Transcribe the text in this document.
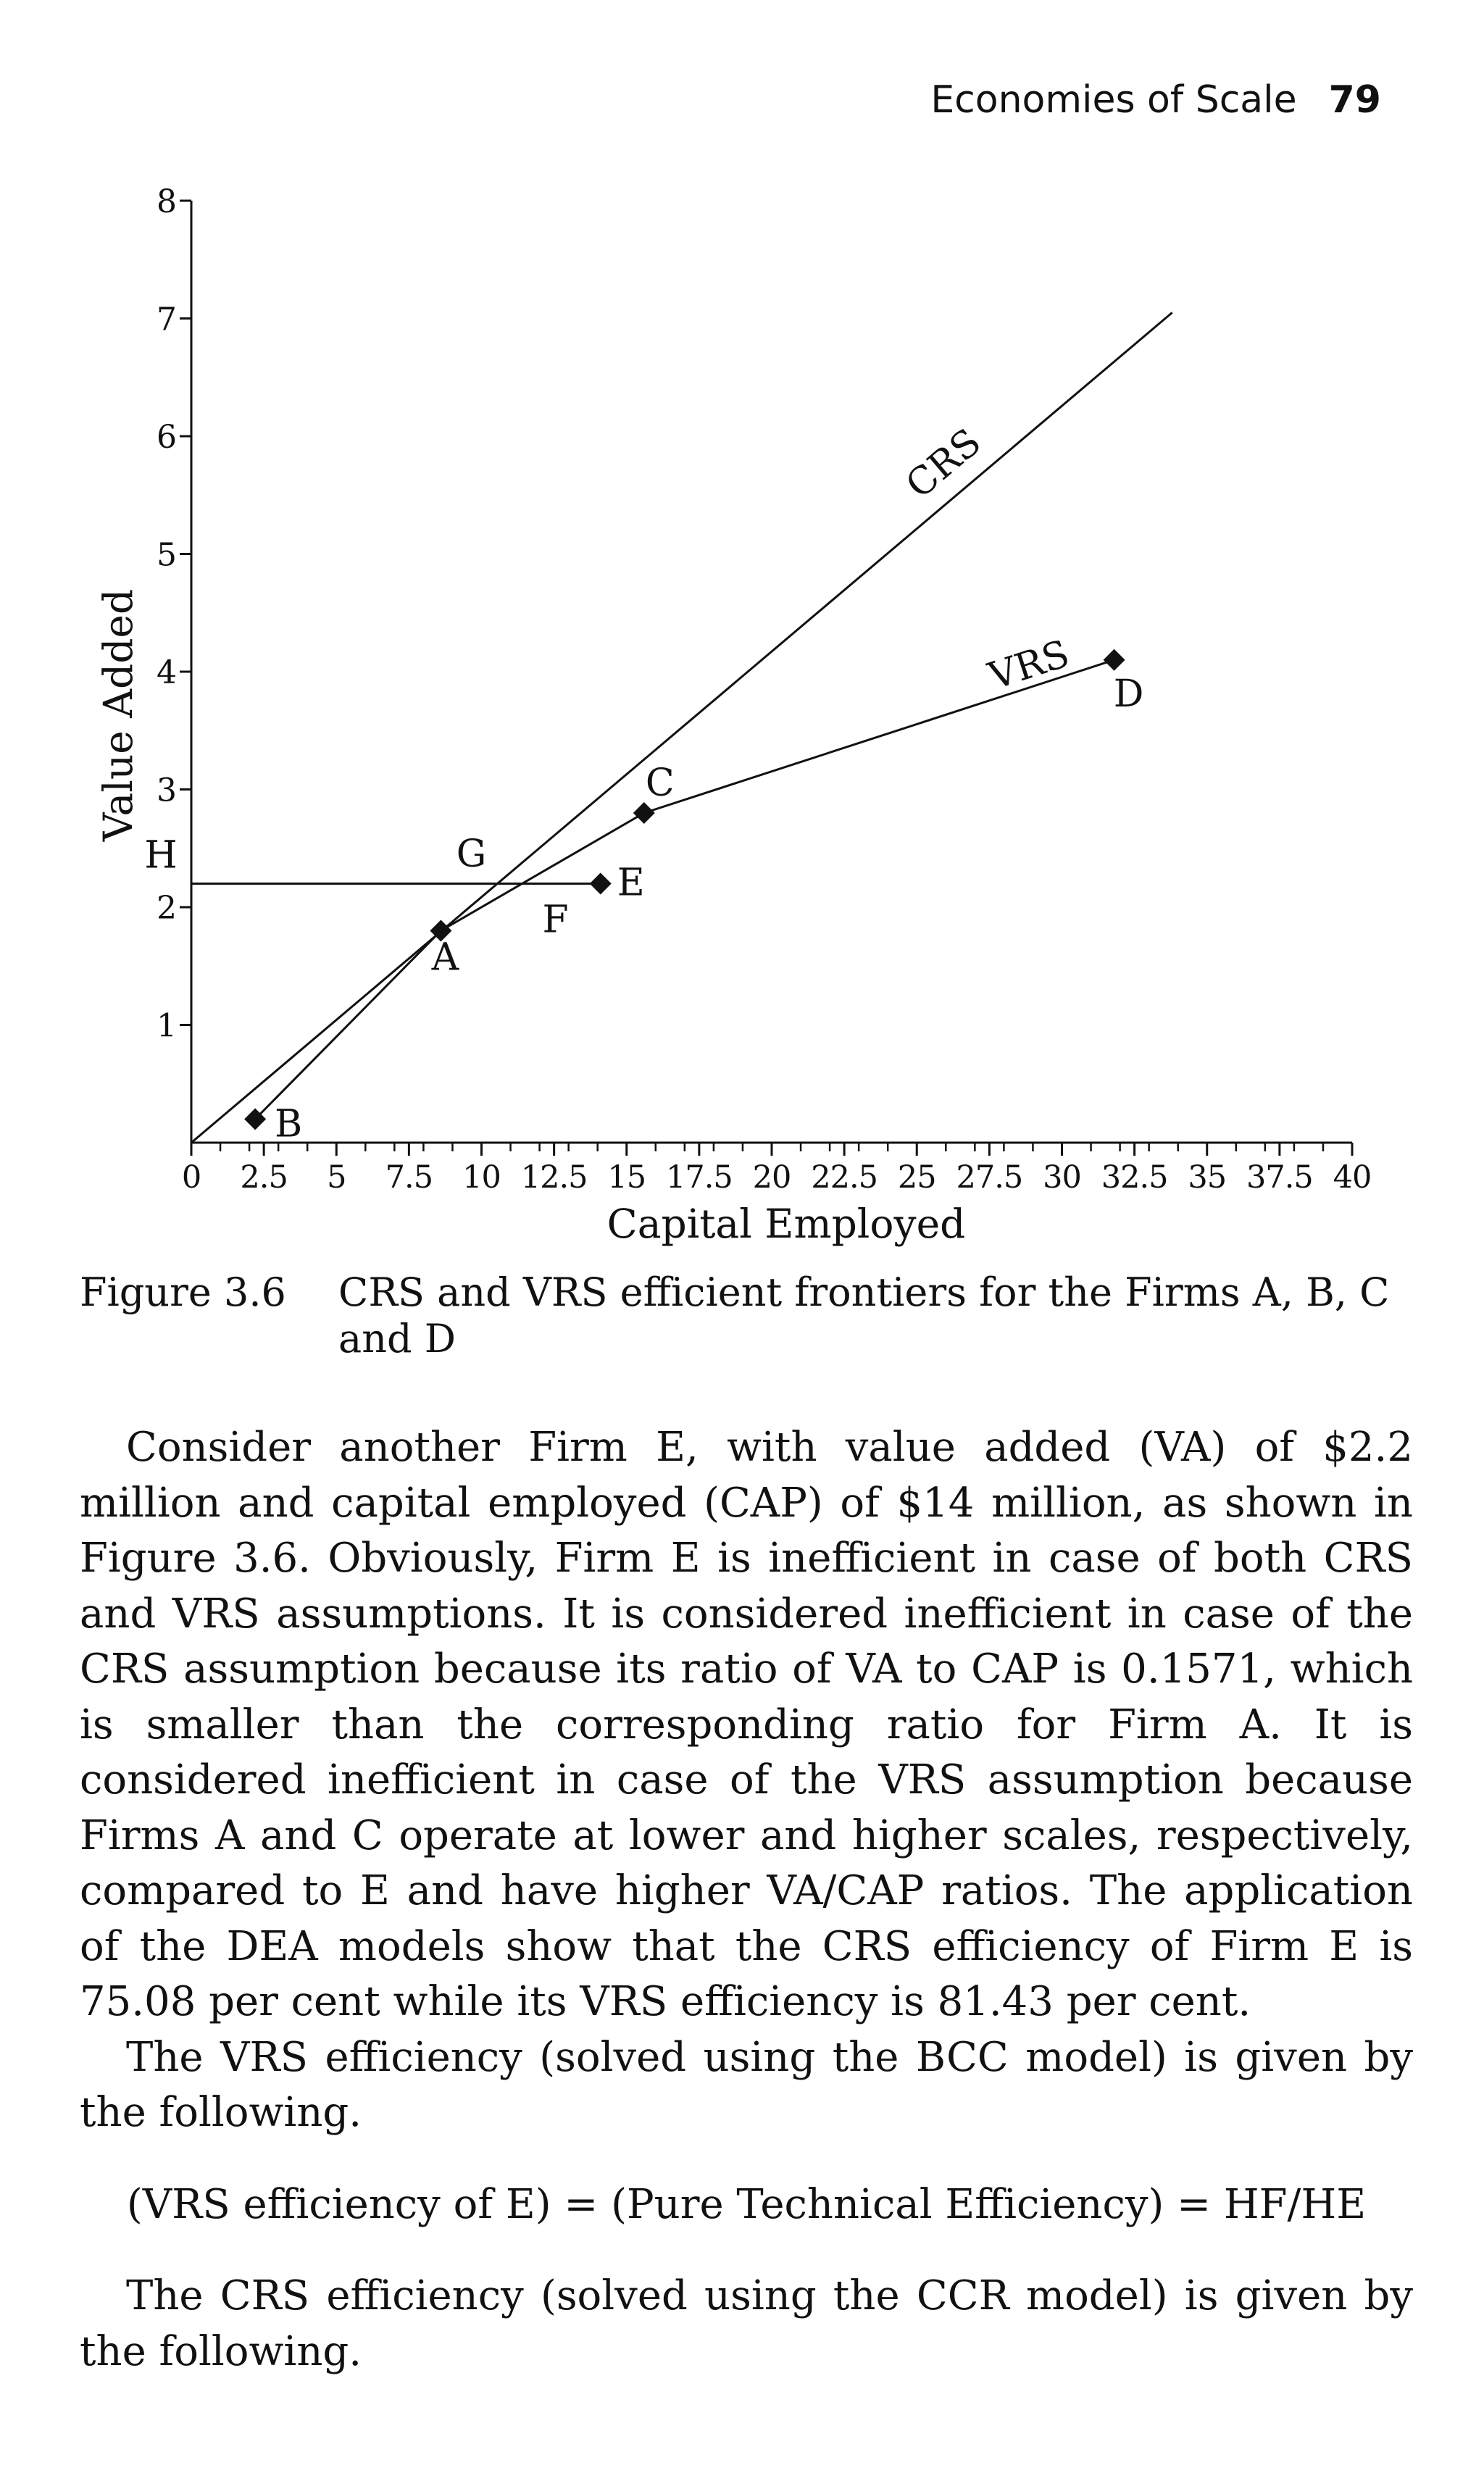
Economies of Scale 79
1
2
3
4
5
6
7
8
0 2.5 5 7.5 10 12.5 15 17.5 20 22.5 25 27.5 30 32.5 35 37.5 40
Capital Employed
Value Added
CRS
VRS
A
B
C
D
E
G
F
H
Figure 3.6 CRS and VRS efficient frontiers for the Firms A, B, C and D

Consider another Firm E, with value added (VA) of $2.2 million and capital employed (CAP) of $14 million, as shown in Figure 3.6. Obviously, Firm E is inefficient in case of both CRS and VRS assumptions. It is considered inefficient in case of the CRS assumption because its ratio of VA to CAP is 0.1571, which is smaller than the corresponding ratio for Firm A. It is considered inefficient in case of the VRS assumption because Firms A and C operate at lower and higher scales, respectively, compared to E and have higher VA/CAP ratios. The application of the DEA models show that the CRS efficiency of Firm E is 75.08 per cent while its VRS efficiency is 81.43 per cent.

The VRS efficiency (solved using the BCC model) is given by the following.

(VRS efficiency of E) = (Pure Technical Efficiency) = HF/HE

The CRS efficiency (solved using the CCR model) is given by the following.
